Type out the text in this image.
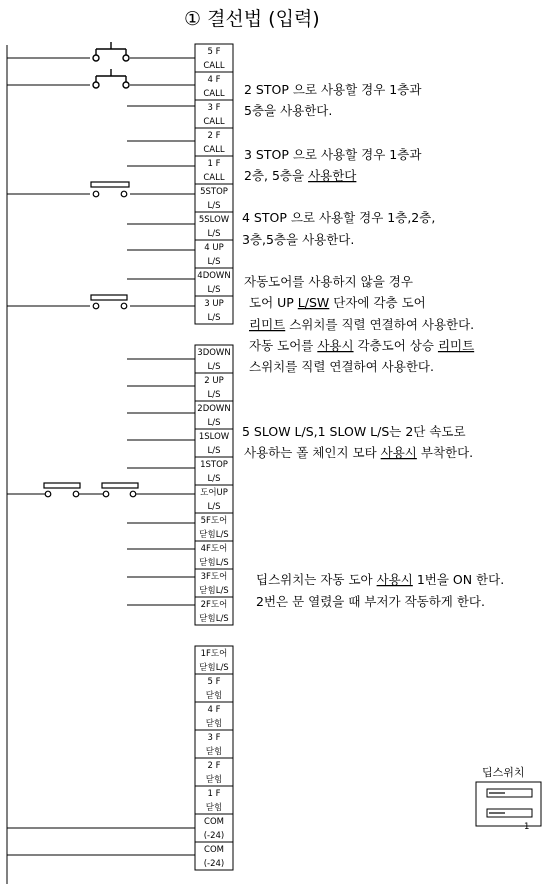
① 결선법 (입력)
5 F
CALL
4 F
CALL
3 F
CALL
2 F
CALL
1 F
CALL
5STOP
L/S
5SLOW
L/S
4 UP
L/S
4DOWN
L/S
3 UP
L/S
3DOWN
L/S
2 UP
L/S
2DOWN
L/S
1SLOW
L/S
1STOP
L/S
도어UP
L/S
5F도어
닫힘L/S
4F도어
닫힘L/S
3F도어
닫힘L/S
2F도어
닫힘L/S
1F도어
닫힘L/S
5 F
닫힘
4 F
닫힘
3 F
닫힘
2 F
닫힘
1 F
닫힘
COM
(-24)
COM
(-24)
2 STOP 으로 사용할 경우 1층과
5층을 사용한다.
3 STOP 으로 사용할 경우 1층과
2층, 5층을 사용한다
4 STOP 으로 사용할 경우 1층,2층,
3층,5층을 사용한다.
자동도어를 사용하지 않을 경우
도어 UP L/SW 단자에 각층 도어
리미트 스위치를 직렬 연결하여 사용한다.
자동 도어를 사용시 각층도어 상승 리미트
스위치를 직렬 연결하여 사용한다.
5 SLOW L/S,1 SLOW L/S는 2단 속도로
사용하는 폴 체인지 모타 사용시 부착한다.
딥스위치는 자동 도아 사용시 1번을 ON 한다.
2번은 문 열렸을 때 부저가 작동하게 한다.
딥스위치
1
